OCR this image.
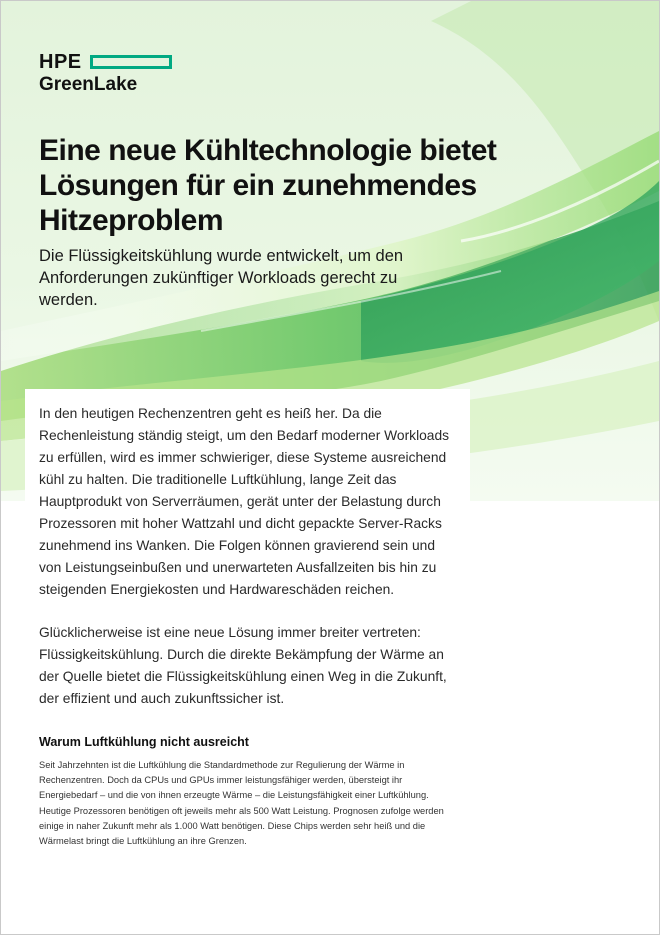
HPE
GreenLake
Eine neue Kühltechnologie bietet Lösungen für ein zunehmendes Hitzeproblem

Die Flüssigkeitskühlung wurde entwickelt, um den Anforderungen zukünftiger Workloads gerecht zu werden.

In den heutigen Rechenzentren geht es heiß her. Da die Rechenleistung ständig steigt, um den Bedarf moderner Workloads zu erfüllen, wird es immer schwieriger, diese Systeme ausreichend kühl zu halten. Die traditionelle Luftkühlung, lange Zeit das Hauptprodukt von Serverräumen, gerät unter der Belastung durch Prozessoren mit hoher Wattzahl und dicht gepackte Server-Racks zunehmend ins Wanken. Die Folgen können gravierend sein und von Leistungseinbußen und unerwarteten Ausfallzeiten bis hin zu steigenden Energiekosten und Hardwareschäden reichen.

Glücklicherweise ist eine neue Lösung immer breiter vertreten: Flüssigkeitskühlung. Durch die direkte Bekämpfung der Wärme an der Quelle bietet die Flüssigkeitskühlung einen Weg in die Zukunft, der effizient und auch zukunftssicher ist.

Warum Luftkühlung nicht ausreicht

Seit Jahrzehnten ist die Luftkühlung die Standardmethode zur Regulierung der Wärme in Rechenzentren. Doch da CPUs und GPUs immer leistungsfähiger werden, übersteigt ihr Energiebedarf – und die von ihnen erzeugte Wärme – die Leistungsfähigkeit einer Luftkühlung. Heutige Prozessoren benötigen oft jeweils mehr als 500 Watt Leistung. Prognosen zufolge werden einige in naher Zukunft mehr als 1.000 Watt benötigen. Diese Chips werden sehr heiß und die Wärmelast bringt die Luftkühlung an ihre Grenzen.
